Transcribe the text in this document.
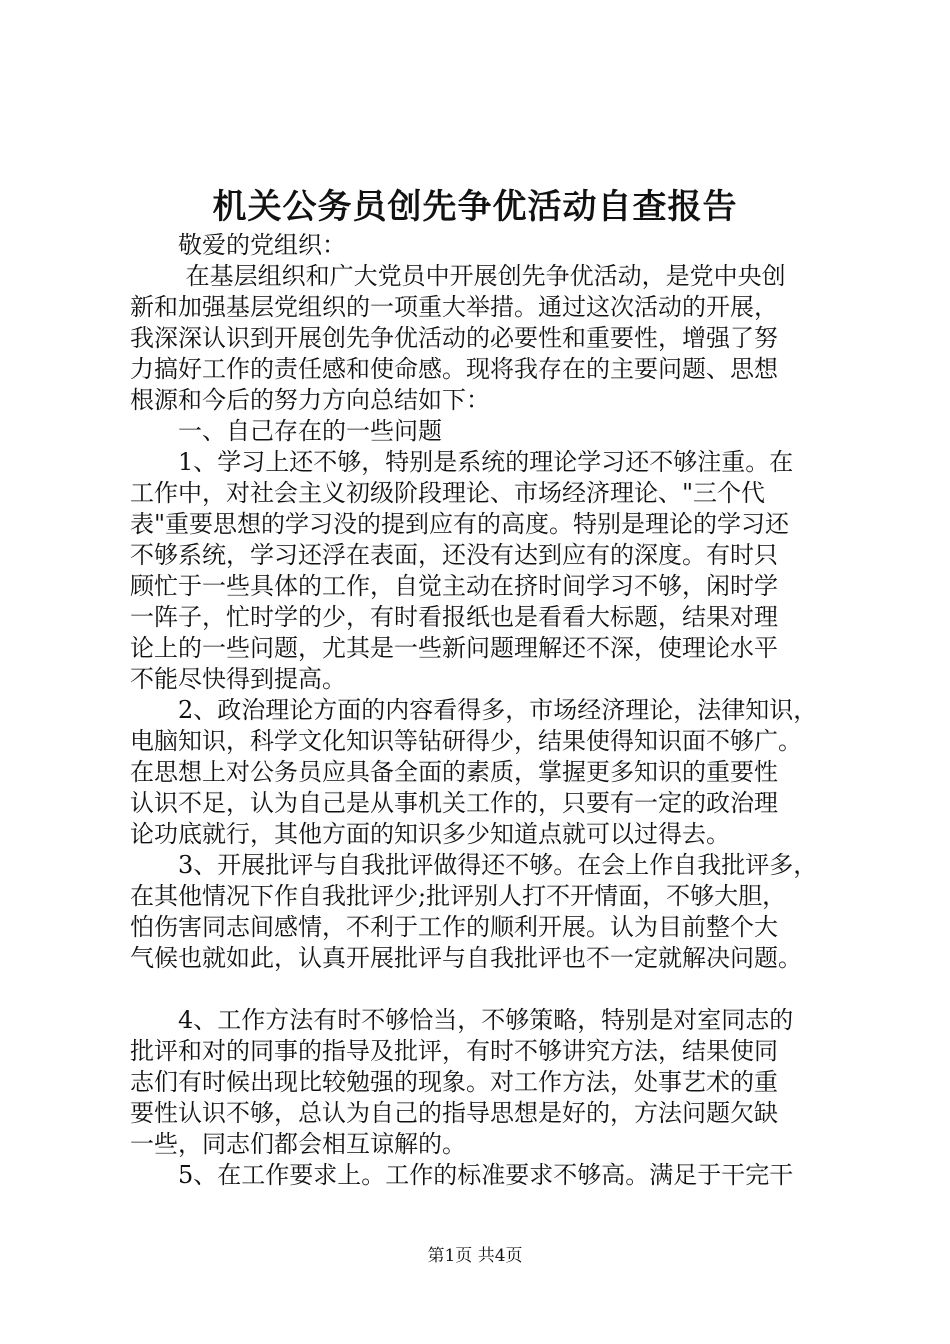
机关公务员创先争优活动自查报告
　　敬爱的党组织：
　　 在基层组织和广大党员中开展创先争优活动，是党中央创
新和加强基层党组织的一项重大举措。通过这次活动的开展，
我深深认识到开展创先争优活动的必要性和重要性，增强了努
力搞好工作的责任感和使命感。现将我存在的主要问题、思想
根源和今后的努力方向总结如下：
　　一、自己存在的一些问题
　　1、学习上还不够，特别是系统的理论学习还不够注重。在
工作中，对社会主义初级阶段理论、市场经济理论、"三个代
表"重要思想的学习没的提到应有的高度。特别是理论的学习还
不够系统，学习还浮在表面，还没有达到应有的深度。有时只
顾忙于一些具体的工作，自觉主动在挤时间学习不够，闲时学
一阵子，忙时学的少，有时看报纸也是看看大标题，结果对理
论上的一些问题，尤其是一些新问题理解还不深，使理论水平
不能尽快得到提高。
　　2、政治理论方面的内容看得多，市场经济理论，法律知识，
电脑知识，科学文化知识等钻研得少，结果使得知识面不够广。
在思想上对公务员应具备全面的素质，掌握更多知识的重要性
认识不足，认为自己是从事机关工作的，只要有一定的政治理
论功底就行，其他方面的知识多少知道点就可以过得去。
　　3、开展批评与自我批评做得还不够。在会上作自我批评多，
在其他情况下作自我批评少;批评别人打不开情面，不够大胆，
怕伤害同志间感情，不利于工作的顺利开展。认为目前整个大
气候也就如此，认真开展批评与自我批评也不一定就解决问题。
　　4、工作方法有时不够恰当，不够策略，特别是对室同志的
批评和对的同事的指导及批评，有时不够讲究方法，结果使同
志们有时候出现比较勉强的现象。对工作方法，处事艺术的重
要性认识不够，总认为自己的指导思想是好的，方法问题欠缺
一些，同志们都会相互谅解的。
　　5、在工作要求上。工作的标准要求不够高。满足于干完干
第1页 共4页
